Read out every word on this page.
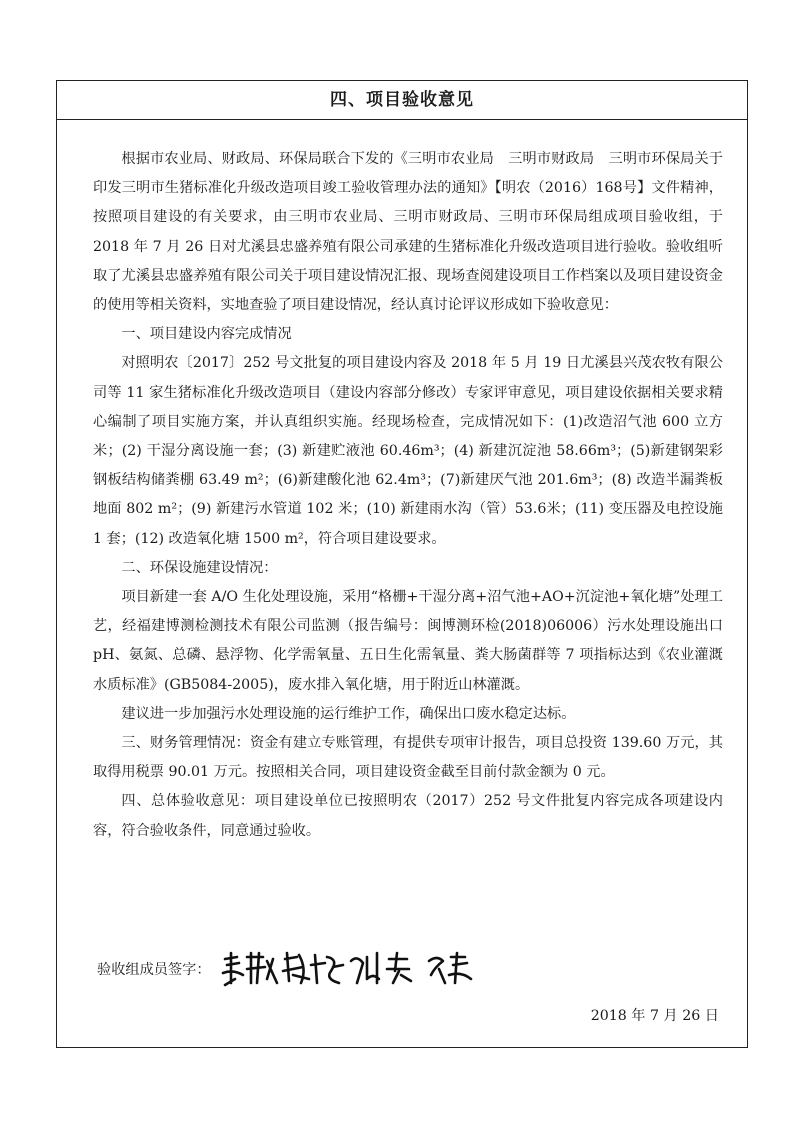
四、项目验收意见

根据市农业局、财政局、环保局联合下发的《三明市农业局　三明市财政局　三明市环保局关于印发三明市生猪标准化升级改造项目竣工验收管理办法的通知》【明农（2016）168号】文件精神，按照项目建设的有关要求，由三明市农业局、三明市财政局、三明市环保局组成项目验收组，于 2018 年 7 月 26 日对尤溪县忠盛养殖有限公司承建的生猪标准化升级改造项目进行验收。验收组听取了尤溪县忠盛养殖有限公司关于项目建设情况汇报、现场查阅建设项目工作档案以及项目建设资金的使用等相关资料，实地查验了项目建设情况，经认真讨论评议形成如下验收意见：

一、项目建设内容完成情况

对照明农〔2017〕252 号文批复的项目建设内容及 2018 年 5 月 19 日尤溪县兴茂农牧有限公司等 11 家生猪标准化升级改造项目（建设内容部分修改）专家评审意见，项目建设依据相关要求精心编制了项目实施方案，并认真组织实施。经现场检查，完成情况如下：(1)改造沼气池 600 立方米；(2) 干湿分离设施一套；(3) 新建贮液池 60.46m³；(4) 新建沉淀池 58.66m³；(5)新建钢架彩钢板结构储粪棚 63.49 m²；(6)新建酸化池 62.4m³；(7)新建厌气池 201.6m³；(8) 改造半漏粪板地面 802 m²；(9) 新建污水管道 102 米；(10) 新建雨水沟（管）53.6米；(11) 变压器及电控设施 1 套；(12) 改造氧化塘 1500 m²，符合项目建设要求。

二、环保设施建设情况：

项目新建一套 A/O 生化处理设施，采用“格栅+干湿分离+沼气池+AO+沉淀池+氧化塘”处理工艺，经福建博测检测技术有限公司监测（报告编号：闽博测环检(2018)06006）污水处理设施出口 pH、氨氮、总磷、悬浮物、化学需氧量、五日生化需氧量、粪大肠菌群等 7 项指标达到《农业灌溉水质标准》(GB5084-2005)，废水排入氧化塘，用于附近山林灌溉。

建议进一步加强污水处理设施的运行维护工作，确保出口废水稳定达标。

三、财务管理情况：资金有建立专账管理，有提供专项审计报告，项目总投资 139.60 万元，其取得用税票 90.01 万元。按照相关合同，项目建设资金截至目前付款金额为 0 元。

四、总体验收意见：项目建设单位已按照明农（2017）252 号文件批复内容完成各项建设内容，符合验收条件，同意通过验收。

验收组成员签字：
2018 年 7 月 26 日
